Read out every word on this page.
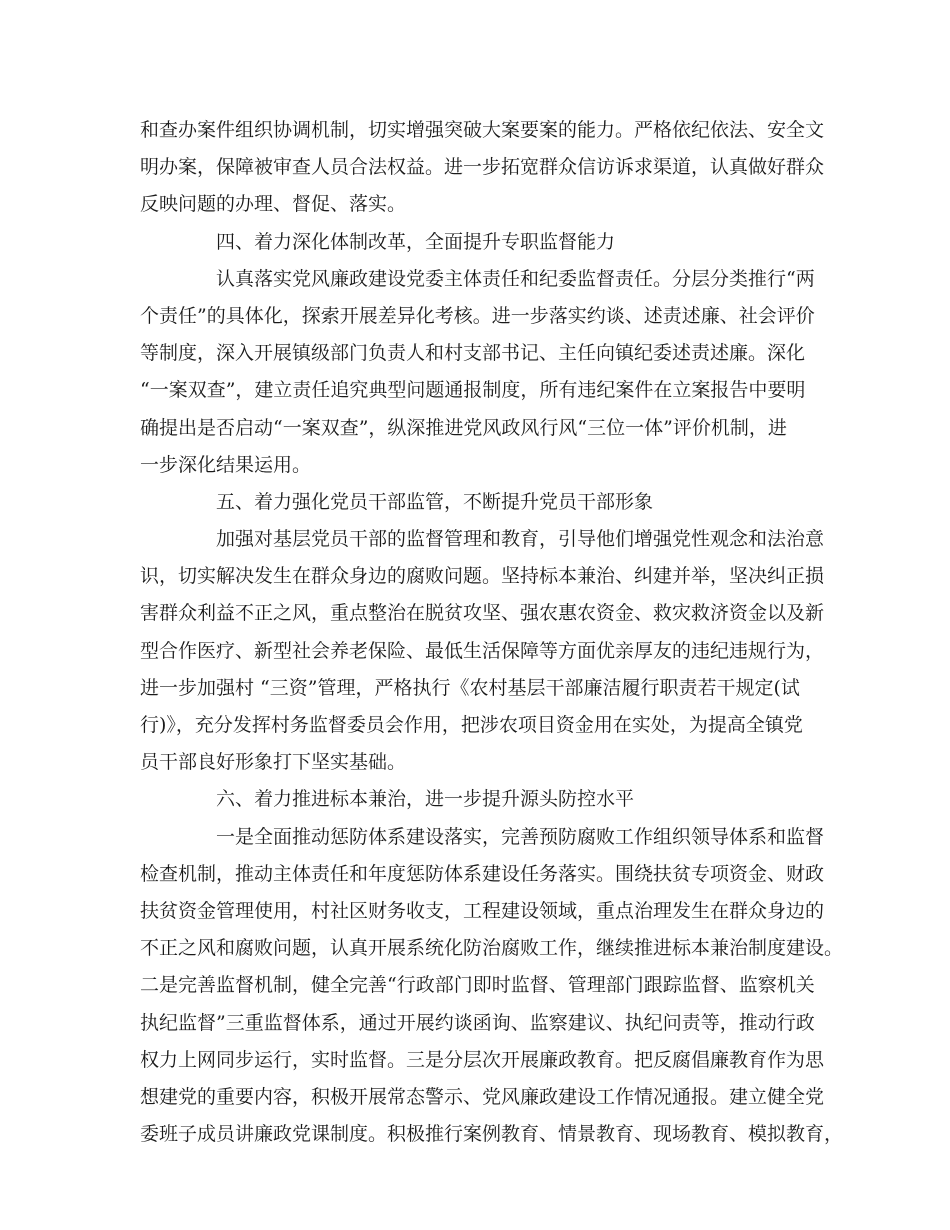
和查办案件组织协调机制，切实增强突破大案要案的能力。严格依纪依法、安全文
明办案，保障被审查人员合法权益。进一步拓宽群众信访诉求渠道，认真做好群众
反映问题的办理、督促、落实。
四、着力深化体制改革，全面提升专职监督能力
认真落实党风廉政建设党委主体责任和纪委监督责任。分层分类推行“两
个责任”的具体化，探索开展差异化考核。进一步落实约谈、述责述廉、社会评价
等制度，深入开展镇级部门负责人和村支部书记、主任向镇纪委述责述廉。深化
“一案双查”，建立责任追究典型问题通报制度，所有违纪案件在立案报告中要明
确提出是否启动“一案双查”，纵深推进党风政风行风“三位一体”评价机制，进
一步深化结果运用。
五、着力强化党员干部监管，不断提升党员干部形象
加强对基层党员干部的监督管理和教育，引导他们增强党性观念和法治意
识，切实解决发生在群众身边的腐败问题。坚持标本兼治、纠建并举，坚决纠正损
害群众利益不正之风，重点整治在脱贫攻坚、强农惠农资金、救灾救济资金以及新
型合作医疗、新型社会养老保险、最低生活保障等方面优亲厚友的违纪违规行为，
进一步加强村 “三资”管理，严格执行《农村基层干部廉洁履行职责若干规定(试
行)》，充分发挥村务监督委员会作用，把涉农项目资金用在实处，为提高全镇党
员干部良好形象打下坚实基础。
六、着力推进标本兼治，进一步提升源头防控水平
一是全面推动惩防体系建设落实，完善预防腐败工作组织领导体系和监督
检查机制，推动主体责任和年度惩防体系建设任务落实。围绕扶贫专项资金、财政
扶贫资金管理使用，村社区财务收支，工程建设领域，重点治理发生在群众身边的
不正之风和腐败问题，认真开展系统化防治腐败工作，继续推进标本兼治制度建设。
二是完善监督机制，健全完善“行政部门即时监督、管理部门跟踪监督、监察机关
执纪监督”三重监督体系，通过开展约谈函询、监察建议、执纪问责等，推动行政
权力上网同步运行，实时监督。三是分层次开展廉政教育。把反腐倡廉教育作为思
想建党的重要内容，积极开展常态警示、党风廉政建设工作情况通报。建立健全党
委班子成员讲廉政党课制度。积极推行案例教育、情景教育、现场教育、模拟教育，
